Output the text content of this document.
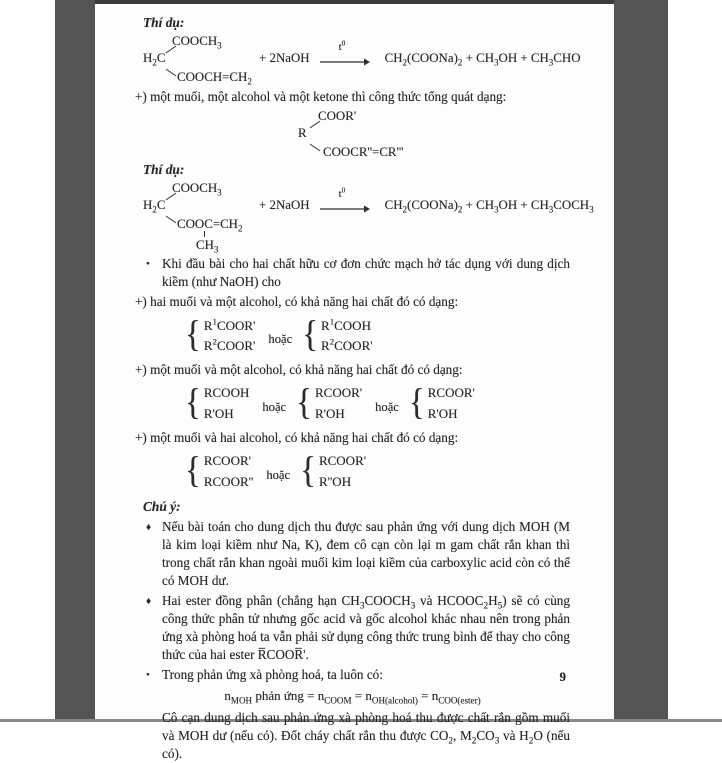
Thí dụ:

$H_2C$
$COOCH_3$
$COOCH=CH_2$
+ 2NaOH
$t^0$
$CH_2(COONa)_2 + CH_3OH + CH_3CHO$

+) một muối, một alcohol và một ketone thì công thức tổng quát dạng:

R
COOR'
COOCR''=CR'''

Thí dụ:

$H_2C$
$COOCH_3$
$COOC=CH_2$
$CH_3$
+ 2NaOH
$t^0$
$CH_2(COONa)_2 + CH_3OH$ + $CH_3COCH_3$
• Khi đầu bài cho hai chất hữu cơ đơn chức mạch hở tác dụng với dung dịch kiềm (như NaOH) cho

+) hai muối và một alcohol, có khả năng hai chất đó có dạng:

{ $R^1COOR'$
$R^2COOR'$ hoặc { $R^1COOH$
$R^2COOR'$

+) một muối và một alcohol, có khả năng hai chất đó có dạng:

{ RCOOH
R'OH	hoặc { RCOOR'
R'OH	hoặc { RCOOR'
R'OH

+) một muối và hai alcohol, có khả năng hai chất đó có dạng:

{ RCOOR'
RCOOR'' hoặc { RCOOR'
R''OH

Chú ý:

♦ Nếu bài toán cho dung dịch thu được sau phản ứng với dung dịch MOH (M là kim loại kiềm như Na, K), đem cô cạn còn lại m gam chất rắn khan thì trong chất rắn khan ngoài muối kim loại kiềm của carboxylic acid còn có thể có MOH dư.
♦ Hai ester đồng phân (chẳng hạn $CH_3COOCH_3$ và $HCOOC_2H_5$) sẽ có cùng công thức phân tử nhưng gốc acid và gốc alcohol khác nhau nên trong phản ứng xà phòng hoá ta vẫn phải sử dụng công thức trung bình để thay cho công thức của hai ester R̅COOR̅'.
• Trong phản ứng xà phòng hoá, ta luôn có:

$n_{MOH}$ phản ứng = $n_{COOM} = n_{OH(alcohol)} = n_{COO(ester)}$

Cô cạn dung dịch sau phản ứng xà phòng hoá thu được chất rắn gồm muối và MOH dư (nếu có). Đốt cháy chất rắn thu được $CO_2$, $M_2CO_3$ và $H_2O$ (nếu có).

9
